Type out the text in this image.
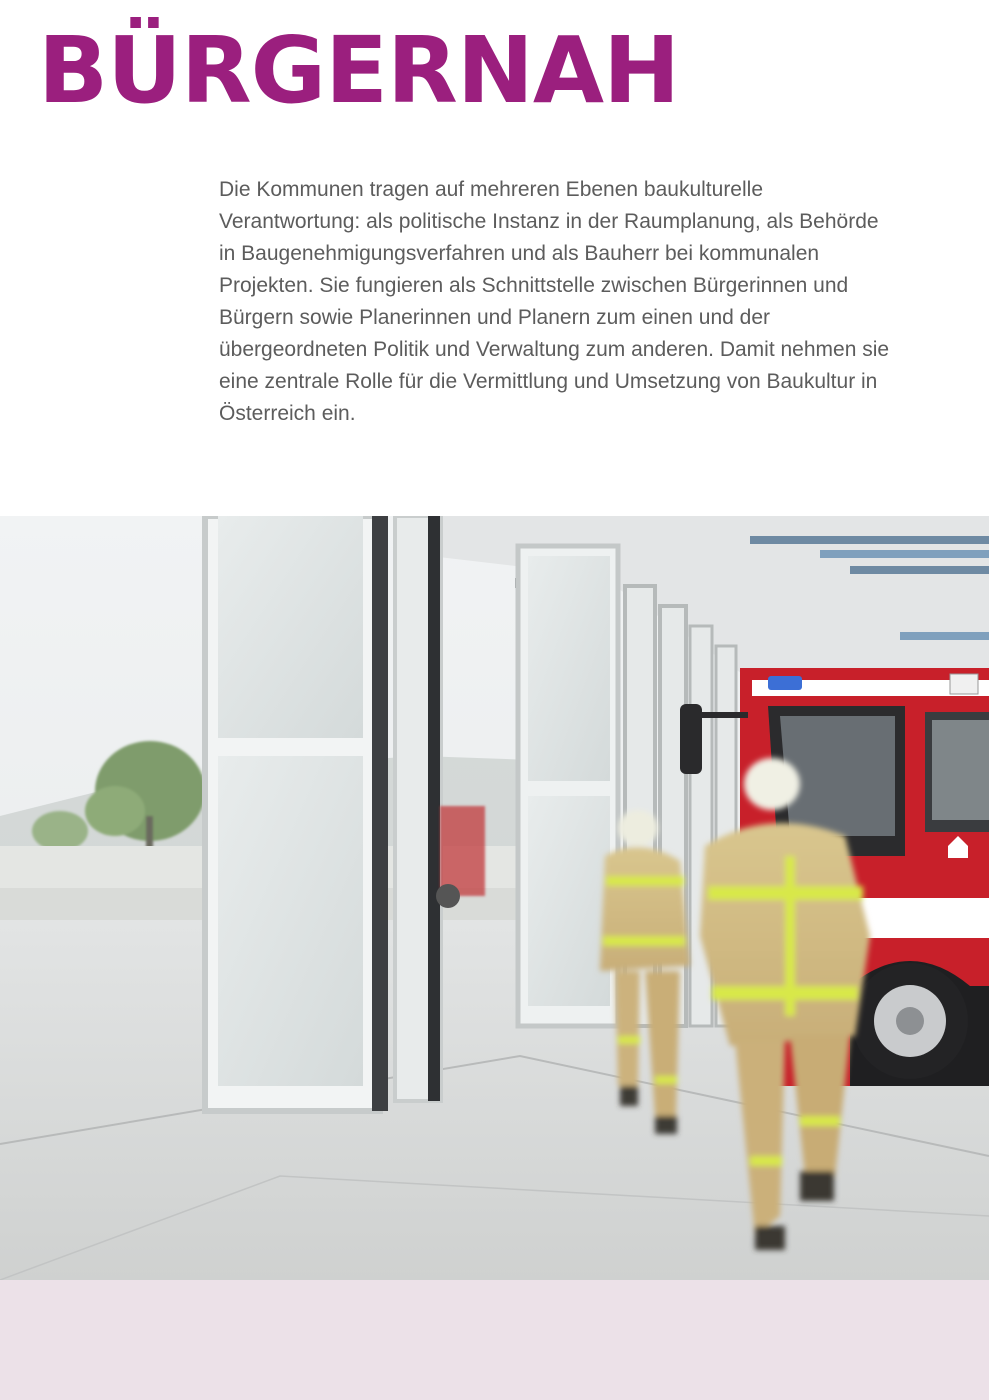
BÜRGERNAH

Die Kommunen tragen auf mehreren Ebenen baukulturelle Verantwortung: als politische Instanz in der Raumplanung, als Behörde in Baugenehmigungsverfahren und als Bauherr bei kommunalen Projekten. Sie fungieren als Schnittstelle zwischen Bürgerinnen und Bürgern sowie Planerinnen und Planern zum einen und der übergeordneten Politik und Verwaltung zum anderen. Damit nehmen sie eine zentrale Rolle für die Vermittlung und Umsetzung von Baukultur in Österreich ein.
